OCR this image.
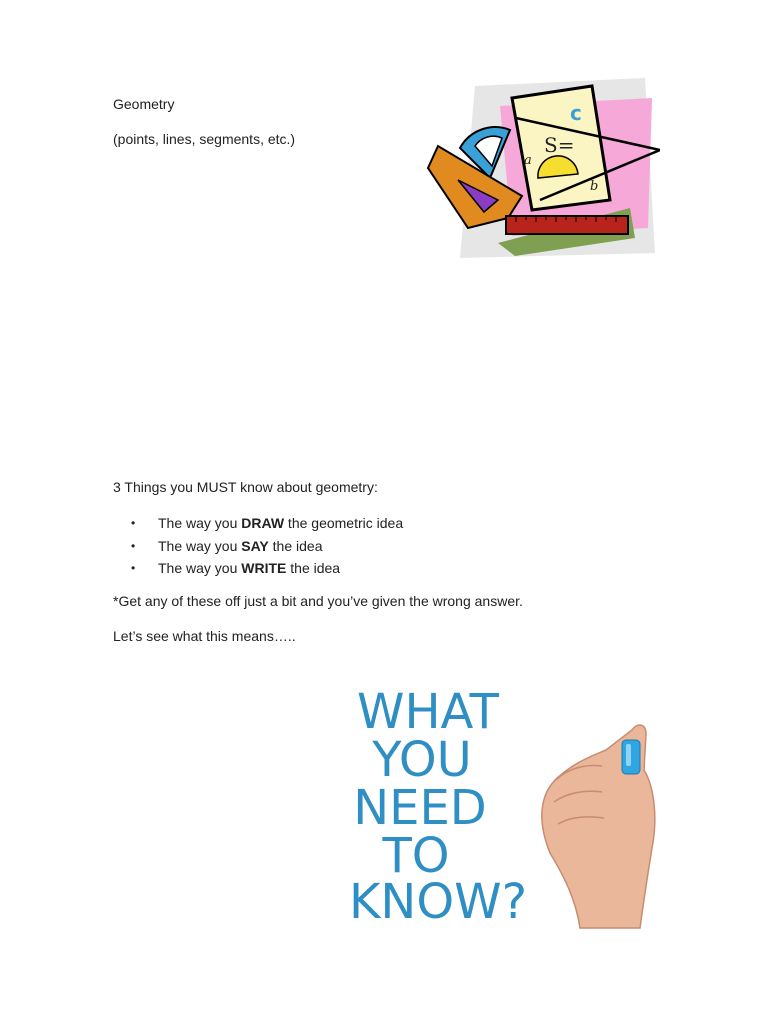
Geometry
(points, lines, segments, etc.)
c
S=
a
b
3 Things you MUST know about geometry:
• The way you DRAW the geometric idea
• The way you SAY the idea
• The way you WRITE the idea
*Get any of these off just a bit and you’ve given the wrong answer.
Let’s see what this means…..
WHAT
YOU
NEED
TO
KNOW?
